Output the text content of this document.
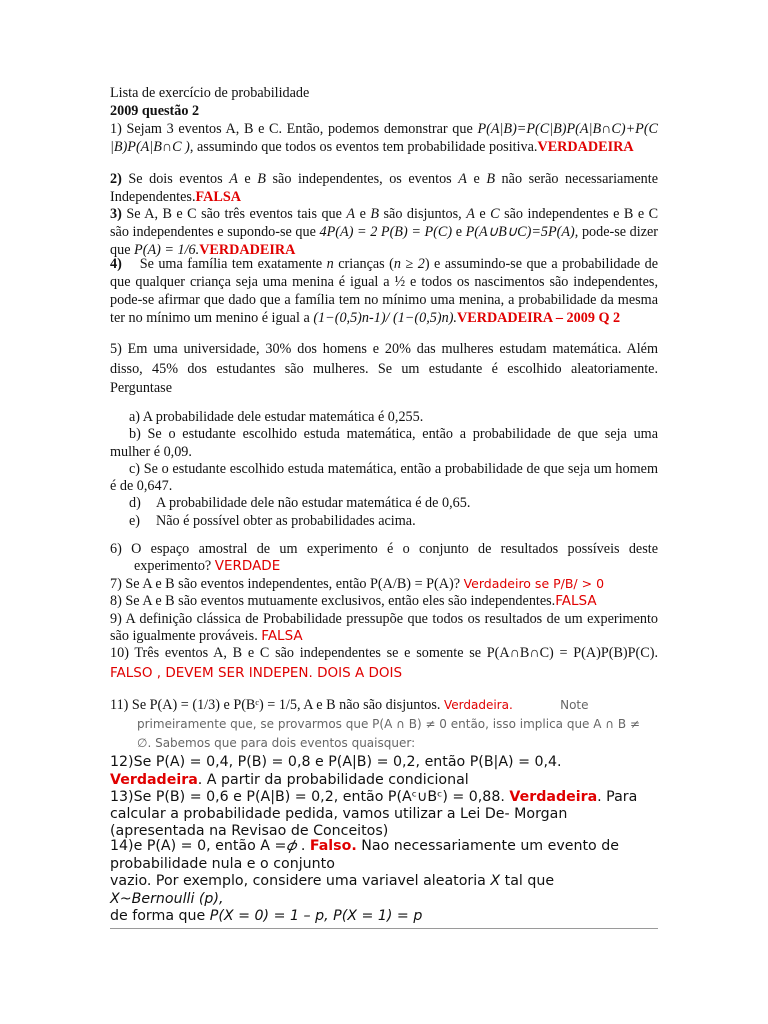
Lista de exercício de probabilidade

2009 questão 2

1) Sejam 3 eventos A, B e C. Então, podemos demonstrar que P(A|B)=P(C|B)P(A|B∩C)+P(C |B)P(A|B∩C ), assumindo que todos os eventos tem probabilidade positiva.VERDADEIRA
2) Se dois eventos A e B são independentes, os eventos A e B não serão necessariamente Independentes.FALSA
3) Se A, B e C são três eventos tais que A e B são disjuntos, A e C são independentes e B e C são independentes e supondo-se que 4P(A) = 2 P(B) = P(C) e P(A∪B∪C)=5P(A), pode-se dizer que P(A) = 1/6.VERDADEIRA
4) Se uma família tem exatamente n crianças (n ≥ 2) e assumindo-se que a probabilidade de que qualquer criança seja uma menina é igual a ½ e todos os nascimentos são independentes, pode-se afirmar que dado que a família tem no mínimo uma menina, a probabilidade da mesma ter no mínimo um menino é igual a (1−(0,5)n-1)/ (1−(0,5)n).VERDADEIRA – 2009 Q 2
5) Em uma universidade, 30% dos homens e 20% das mulheres estudam matemática. Além disso, 45% dos estudantes são mulheres. Se um estudante é escolhido aleatoriamente. Perguntase

a) A probabilidade dele estudar matemática é 0,255.

b) Se o estudante escolhido estuda matemática, então a probabilidade de que seja uma mulher é 0,09.

c) Se o estudante escolhido estuda matemática, então a probabilidade de que seja um homem é de 0,647.

d) A probabilidade dele não estudar matemática é de 0,65.

e) Não é possível obter as probabilidades acima.

6) O espaço amostral de um experimento é o conjunto de resultados possíveis deste experimento? VERDADE

7) Se A e B são eventos independentes, então P(A/B) = P(A)? Verdadeiro se P/B/ > 0

8) Se A e B são eventos mutuamente exclusivos, então eles são independentes.FALSA

9) A definição clássica de Probabilidade pressupõe que todos os resultados de um experimento são igualmente prováveis. FALSA

10) Três eventos A, B e C são independentes se e somente se P(A∩B∩C) = P(A)P(B)P(C). FALSO , DEVEM SER INDEPEN. DOIS A DOIS
11) Se P(A) = (1/3) e P(Bᶜ) = 1/5, A e B não são disjuntos. Verdadeira.	Note primeiramente que, se provarmos que P(A ∩ B) ≠ 0 então, isso implica que A ∩ B ≠ ∅. Sabemos que para dois eventos quaisquer:
12)Se P(A) = 0,4, P(B) = 0,8 e P(A|B) = 0,2, então P(B|A) = 0,4. Verdadeira. A partir da probabilidade condicional
13)Se P(B) = 0,6 e P(A|B) = 0,2, então P(Aᶜ∪Bᶜ) = 0,88. Verdadeira. Para calcular a probabilidade pedida, vamos utilizar a Lei De- Morgan (apresentada na Revisao de Conceitos)

14)e P(A) = 0, então A =𝜙 . Falso. Nao necessariamente um evento de probabilidade nula e o conjunto

vazio. Por exemplo, considere uma variavel aleatoria X tal que

X~Bernoulli (p),

de forma que P(X = 0) = 1 – p, P(X = 1) = p
